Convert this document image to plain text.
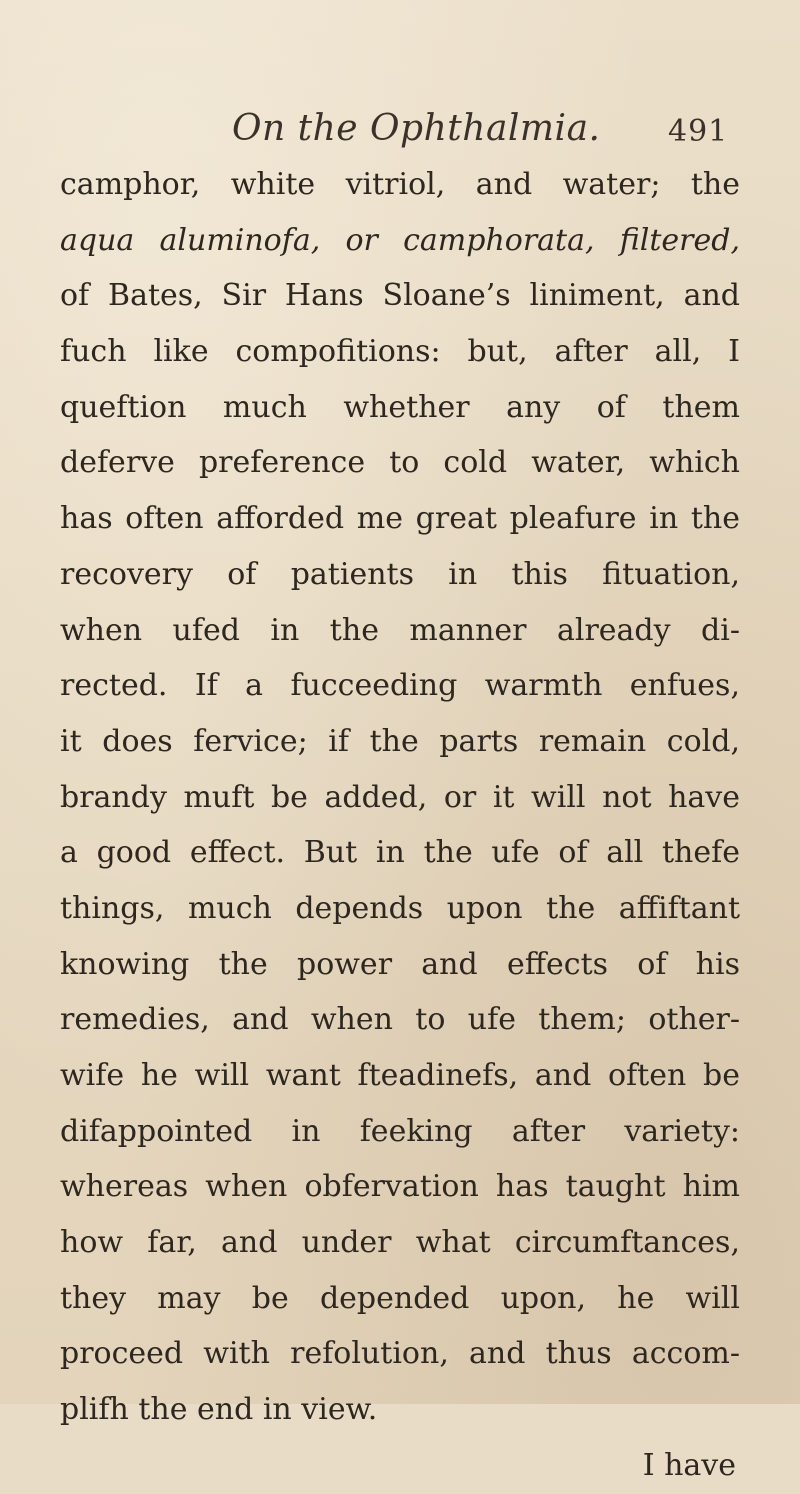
On the Ophthalmia. 491
camphor, white vitriol, and water; the
aqua aluminofa, or camphorata, filtered,
of Bates, Sir Hans Sloane’s liniment, and
fuch like compofitions: but, after all, I
queftion much whether any of them
deferve preference to cold water, which
has often afforded me great pleafure in the
recovery of patients in this fituation,
when ufed in the manner already di-
rected. If a fucceeding warmth enfues,
it does fervice; if the parts remain cold,
brandy muft be added, or it will not have
a good effect. But in the ufe of all thefe
things, much depends upon the affiftant
knowing the power and effects of his
remedies, and when to ufe them; other-
wife he will want fteadinefs, and often be
difappointed in feeking after variety:
whereas when obfervation has taught him
how far, and under what circumftances,
they may be depended upon, he will
proceed with refolution, and thus accom-
plifh the end in view.
I have
